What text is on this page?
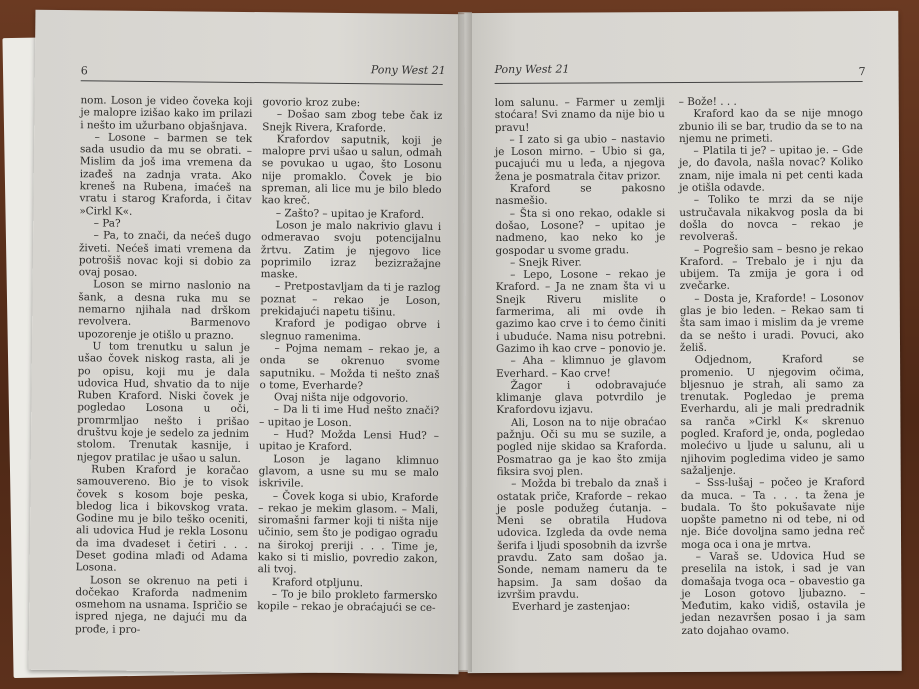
6	Pony West 21

nom. Loson je video čoveka koji je malopre izišao kako im prilazi i nešto im užurbano objašnjava.

– Losone – barmen se tek sada usudio da mu se obrati. – Mislim da još ima vremena da izađeš na zadnja vrata. Ako kreneš na Rubena, imaćeš na vratu i starog Kraforda, i čitav »Cirkl K«.

– Pa?

– Pa, to znači, da nećeš dugo živeti. Nećeš imati vremena da potrošiš novac koji si dobio za ovaj posao.

Loson se mirno naslonio na šank, a desna ruka mu se nemarno njihala nad drškom revolvera. Barmenovo upozorenje je otišlo u prazno.

U tom trenutku u salun je ušao čovek niskog rasta, ali je po opisu, koji mu je dala udovica Hud, shvatio da to nije Ruben Kraford. Niski čovek je pogledao Losona u oči, promrmljao nešto i prišao društvu koje je sedelo za jednim stolom. Trenutak kasnije, i njegov pratilac je ušao u salun.

Ruben Kraford je koračao samouvereno. Bio je to visok čovek s kosom boje peska, bledog lica i bikovskog vrata. Godine mu je bilo teško oceniti, ali udovica Hud je rekla Losonu da ima dvadeset i četiri . . . Deset godina mlađi od Adama Losona.

Loson se okrenuo na peti i dočekao Kraforda nadmenim osmehom na usnama. Ispričio se ispred njega, ne dajući mu da prođe, i pro-

govorio kroz zube:

– Došao sam zbog tebe čak iz Snejk Rivera, Kraforde.

Krafordov saputnik, koji je malopre prvi ušao u salun, odmah se povukao u ugao, što Losonu nije promaklo. Čovek je bio spreman, ali lice mu je bilo bledo kao kreč.

– Zašto? – upitao je Kraford.

Loson je malo nakrivio glavu i odmeravao svoju potencijalnu žrtvu. Zatim je njegovo lice poprimilo izraz bezizražajne maske.

– Pretpostavljam da ti je razlog poznat – rekao je Loson, prekidajući napetu tišinu.

Kraford je podigao obrve i slegnuo ramenima.

– Pojma nemam – rekao je, a onda se okrenuo svome saputniku. – Možda ti nešto znaš o tome, Everharde?

Ovaj ništa nije odgovorio.

– Da li ti ime Hud nešto znači? – upitao je Loson.

– Hud? Možda Lensi Hud? – upitao je Kraford.

Loson je lagano klimnuo glavom, a usne su mu se malo iskrivile.

– Čovek koga si ubio, Kraforde – rekao je mekim glasom. – Mali, siromašni farmer koji ti ništa nije učinio, sem što je podigao ogradu na širokoj preriji . . . Time je, kako si ti mislio, povredio zakon, ali tvoj.

Kraford otpljunu.

– To je bilo prokleto farmersko kopile – rekao je obraćajući se ce-

Pony West 21	7

lom salunu. – Farmer u zemlji stoćara! Svi znamo da nije bio u pravu!

– I zato si ga ubio – nastavio je Loson mirno. – Ubio si ga, pucajući mu u leđa, a njegova žena je posmatrala čitav prizor.

Kraford se pakosno nasmešio.

– Šta si ono rekao, odakle si došao, Losone? – upitao je nadmeno, kao neko ko je gospodar u svome gradu.

– Snejk River.

– Lepo, Losone – rekao je Kraford. – Ja ne znam šta vi u Snejk Riveru mislite o farmerima, ali mi ovde ih gazimo kao crve i to ćemo činiti i ubuduće. Nama nisu potrebni. Gazimo ih kao crve – ponovio je.

– Aha – klimnuo je glavom Everhard. – Kao crve!

Žagor i odobravajuće klimanje glava potvrdilo je Krafordovu izjavu.

Ali, Loson na to nije obraćao pažnju. Oči su mu se suzile, a pogled nije skidao sa Kraforda. Posmatrao ga je kao što zmija fiksira svoj plen.

– Možda bi trebalo da znaš i ostatak priče, Kraforde – rekao je posle podužeg ćutanja. – Meni se obratila Hudova udovica. Izgleda da ovde nema šerifa i ljudi sposobnih da izvrše pravdu. Zato sam došao ja. Sonde, nemam nameru da te hapsim. Ja sam došao da izvršim pravdu.

Everhard je zastenjao:

– Bože! . . .

Kraford kao da se nije mnogo zbunio ili se bar, trudio da se to na njemu ne primeti.

– Platila ti je? – upitao je. – Gde je, do đavola, našla novac? Koliko znam, nije imala ni pet centi kada je otišla odavde.

– Toliko te mrzi da se nije ustručavala nikakvog posla da bi došla do novca – rekao je revolveraš.

– Pogrešio sam – besno je rekao Kraford. – Trebalo je i nju da ubijem. Ta zmija je gora i od zvečarke.

– Dosta je, Kraforde! – Losonov glas je bio leden. – Rekao sam ti šta sam imao i mislim da je vreme da se nešto i uradi. Povuci, ako želiš.

Odjednom, Kraford se promenio. U njegovim očima, bljesnuo je strah, ali samo za trenutak. Pogledao je prema Everhardu, ali je mali predradnik sa ranča »Cirkl K« skrenuo pogled. Kraford je, onda, pogledao molećivo u ljude u salunu, ali u njihovim pogledima video je samo sažaljenje.

– Sss-lušaj – počeo je Kraford da muca. – Ta . . . ta žena je budala. To što pokušavate nije uopšte pametno ni od tebe, ni od nje. Biće dovoljna samo jedna reč moga oca i ona je mrtva.

– Varaš se. Udovica Hud se preselila na istok, i sad je van domašaja tvoga oca – obavestio ga je Loson gotovo ljubazno. – Međutim, kako vidiš, ostavila je jedan nezavršen posao i ja sam zato dojahao ovamo.
